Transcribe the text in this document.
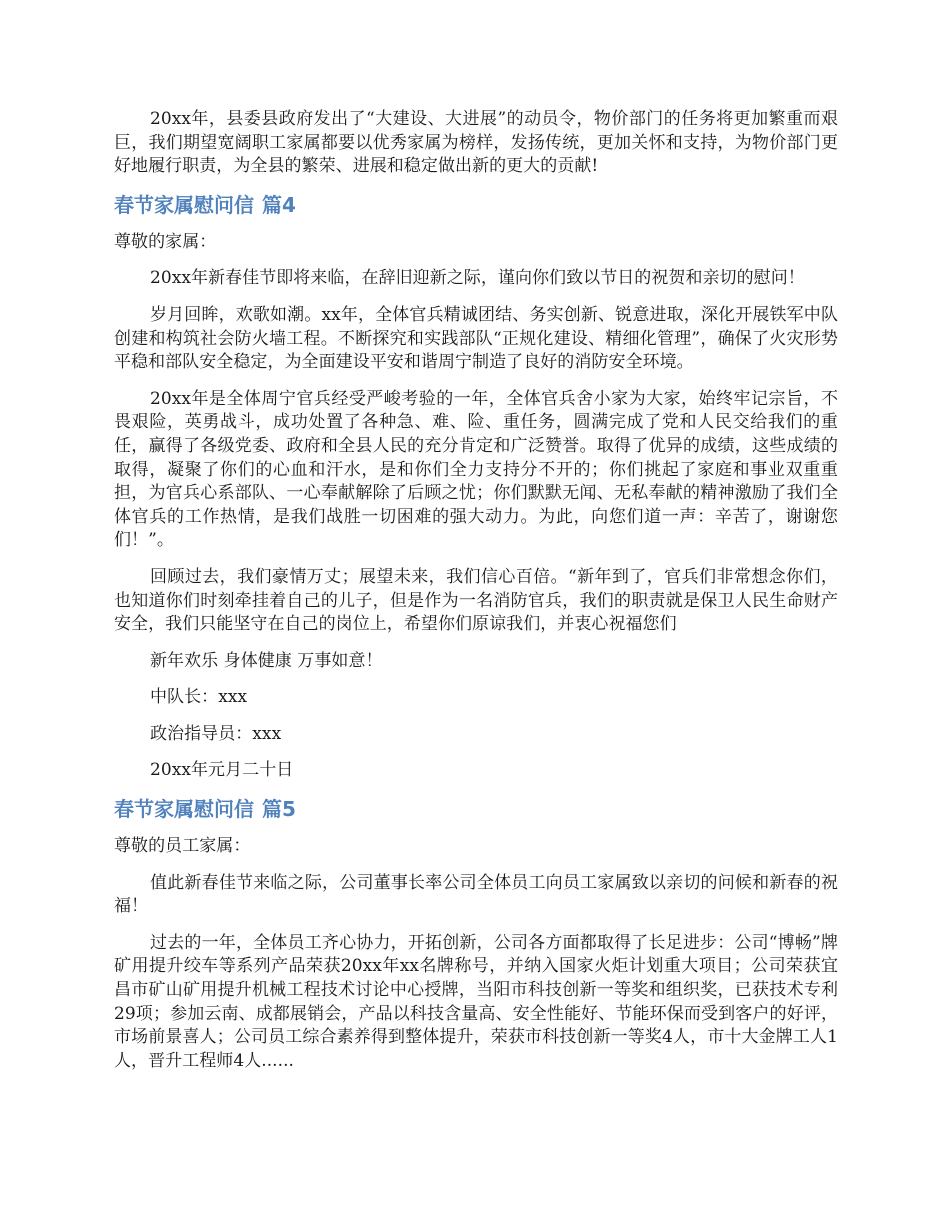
20xx年，县委县政府发出了“大建设、大进展”的动员令，物价部门的任务将更加繁重而艰巨，我们期望宽阔职工家属都要以优秀家属为榜样，发扬传统，更加关怀和支持，为物价部门更好地履行职责，为全县的繁荣、进展和稳定做出新的更大的贡献!

春节家属慰问信 篇4

尊敬的家属：

20xx年新春佳节即将来临，在辞旧迎新之际，谨向你们致以节日的祝贺和亲切的慰问！

岁月回眸，欢歌如潮。xx年，全体官兵精诚团结、务实创新、锐意进取，深化开展铁军中队创建和构筑社会防火墙工程。不断探究和实践部队“正规化建设、精细化管理”，确保了火灾形势平稳和部队安全稳定，为全面建设平安和谐周宁制造了良好的消防安全环境。

20xx年是全体周宁官兵经受严峻考验的一年，全体官兵舍小家为大家，始终牢记宗旨，不畏艰险，英勇战斗，成功处置了各种急、难、险、重任务，圆满完成了党和人民交给我们的重任，赢得了各级党委、政府和全县人民的充分肯定和广泛赞誉。取得了优异的成绩，这些成绩的取得，凝聚了你们的心血和汗水，是和你们全力支持分不开的；你们挑起了家庭和事业双重重担，为官兵心系部队、一心奉献解除了后顾之忧；你们默默无闻、无私奉献的精神激励了我们全体官兵的工作热情，是我们战胜一切困难的强大动力。为此，向您们道一声：辛苦了，谢谢您们！”。

回顾过去，我们豪情万丈；展望未来，我们信心百倍。“新年到了，官兵们非常想念你们，也知道你们时刻牵挂着自己的儿子，但是作为一名消防官兵，我们的职责就是保卫人民生命财产安全，我们只能坚守在自己的岗位上，希望你们原谅我们，并衷心祝福您们

新年欢乐 身体健康 万事如意！

中队长：xxx

政治指导员：xxx

20xx年元月二十日

春节家属慰问信 篇5

尊敬的员工家属：

值此新春佳节来临之际，公司董事长率公司全体员工向员工家属致以亲切的问候和新春的祝福！

过去的一年，全体员工齐心协力，开拓创新，公司各方面都取得了长足进步：公司“博畅”牌矿用提升绞车等系列产品荣获20xx年xx名牌称号，并纳入国家火炬计划重大项目；公司荣获宜昌市矿山矿用提升机械工程技术讨论中心授牌，当阳市科技创新一等奖和组织奖，已获技术专利29项；参加云南、成都展销会，产品以科技含量高、安全性能好、节能环保而受到客户的好评，市场前景喜人；公司员工综合素养得到整体提升，荣获市科技创新一等奖4人，市十大金牌工人1人，晋升工程师4人......
